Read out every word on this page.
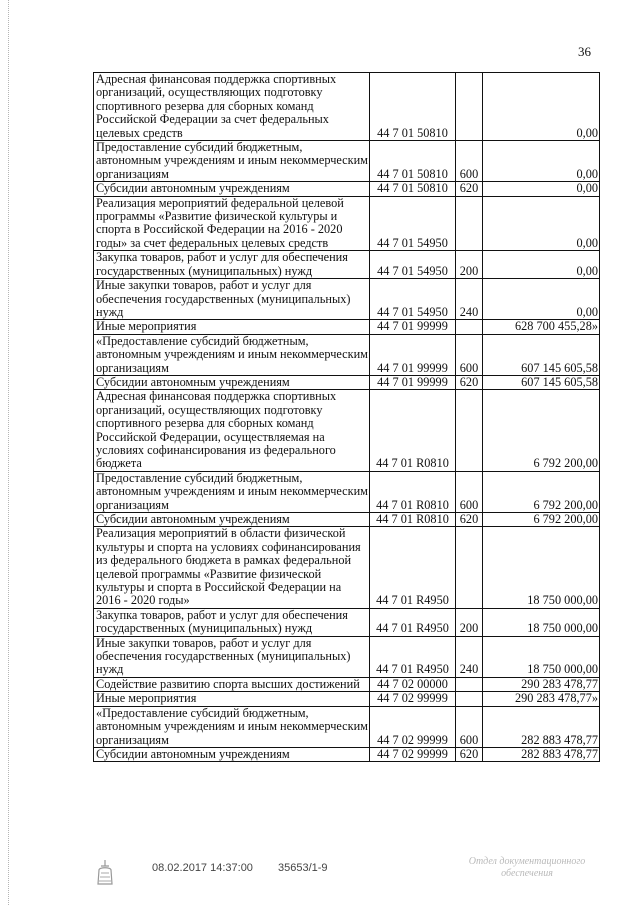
36
Адресная финансовая поддержка спортивных организаций, осуществляющих подготовку спортивного резерва для сборных команд Российской Федерации за счет федеральных целевых средств	44 7 01 50810		0,00
Предоставление субсидий бюджетным, автономным учреждениям и иным некоммерческим организациям	44 7 01 50810	600	0,00
Субсидии автономным учреждениям	44 7 01 50810	620	0,00
Реализация мероприятий федеральной целевой программы «Развитие физической культуры и спорта в Российской Федерации на 2016 - 2020 годы» за счет федеральных целевых средств	44 7 01 54950		0,00
Закупка товаров, работ и услуг для обеспечения государственных (муниципальных) нужд	44 7 01 54950	200	0,00
Иные закупки товаров, работ и услуг для обеспечения государственных (муниципальных) нужд	44 7 01 54950	240	0,00
Иные мероприятия	44 7 01 99999		628 700 455,28»
«Предоставление субсидий бюджетным, автономным учреждениям и иным некоммерческим организациям	44 7 01 99999	600	607 145 605,58
Субсидии автономным учреждениям	44 7 01 99999	620	607 145 605,58
Адресная финансовая поддержка спортивных организаций, осуществляющих подготовку спортивного резерва для сборных команд Российской Федерации, осуществляемая на условиях софинансирования из федерального бюджета	44 7 01 R0810		6 792 200,00
Предоставление субсидий бюджетным, автономным учреждениям и иным некоммерческим организациям	44 7 01 R0810	600	6 792 200,00
Субсидии автономным учреждениям	44 7 01 R0810	620	6 792 200,00
Реализация мероприятий в области физической культуры и спорта на условиях софинансирования из федерального бюджета в рамках федеральной целевой программы «Развитие физической культуры и спорта в Российской Федерации на 2016 - 2020 годы»	44 7 01 R4950		18 750 000,00
Закупка товаров, работ и услуг для обеспечения государственных (муниципальных) нужд	44 7 01 R4950	200	18 750 000,00
Иные закупки товаров, работ и услуг для обеспечения государственных (муниципальных) нужд	44 7 01 R4950	240	18 750 000,00
Содействие развитию спорта высших достижений	44 7 02 00000		290 283 478,77
Иные мероприятия	44 7 02 99999		290 283 478,77»
«Предоставление субсидий бюджетным, автономным учреждениям и иным некоммерческим организациям	44 7 02 99999	600	282 883 478,77
Субсидии автономным учреждениям	44 7 02 99999	620	282 883 478,77
08.02.2017 14:37:00 35653/1-9
Отдел документационного
обеспечения
